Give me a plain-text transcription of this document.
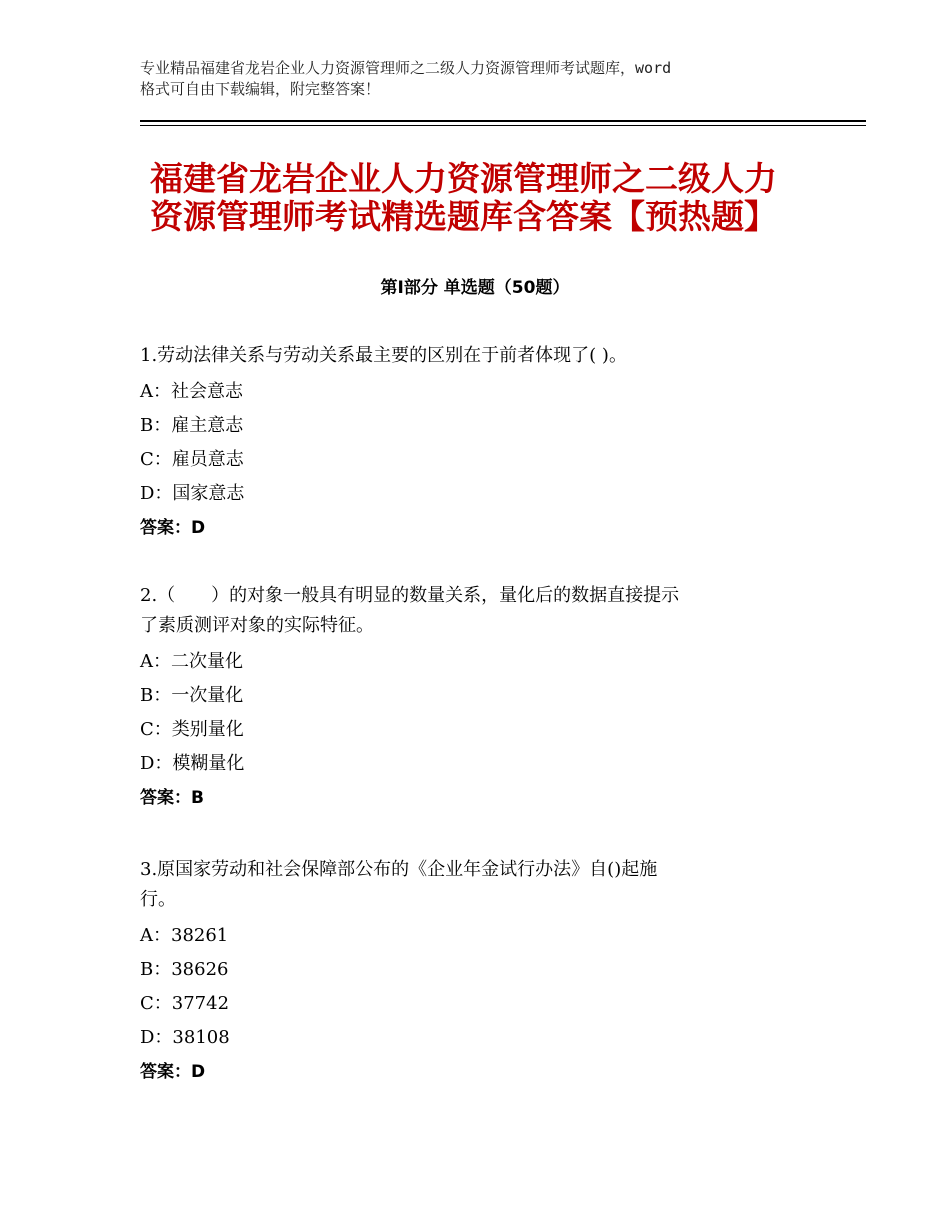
专业精品福建省龙岩企业人力资源管理师之二级人力资源管理师考试题库，word
格式可自由下载编辑，附完整答案！
福建省龙岩企业人力资源管理师之二级人力
资源管理师考试精选题库含答案【预热题】
第Ⅰ部分 单选题（50题）
1.劳动法律关系与劳动关系最主要的区别在于前者体现了( )。
A：社会意志
B：雇主意志
C：雇员意志
D：国家意志
答案：D
2.（　　）的对象一般具有明显的数量关系，量化后的数据直接提示
了素质测评对象的实际特征。
A：二次量化
B：一次量化
C：类别量化
D：模糊量化
答案：B
3.原国家劳动和社会保障部公布的《企业年金试行办法》自()起施
行。
A：38261
B：38626
C：37742
D：38108
答案：D
